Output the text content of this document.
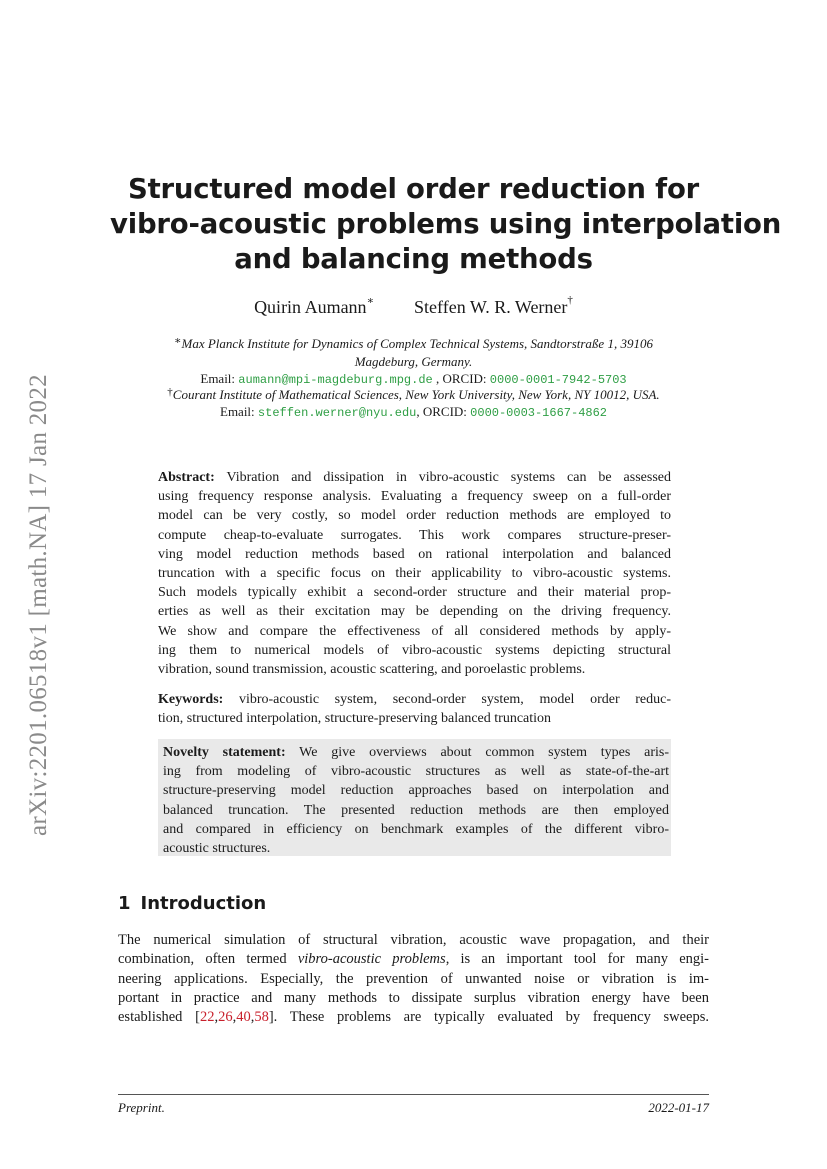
arXiv:2201.06518v1 [math.NA] 17 Jan 2022
Structured model order reduction for
vibro-acoustic problems using interpolation
and balancing methods
Quirin Aumann∗ Steffen W. R. Werner†
∗Max Planck Institute for Dynamics of Complex Technical Systems, Sandtorstraße 1, 39106
Magdeburg, Germany.
Email: aumann@mpi-magdeburg.mpg.de , ORCID: 0000-0001-7942-5703
†Courant Institute of Mathematical Sciences, New York University, New York, NY 10012, USA.
Email: steffen.werner@nyu.edu, ORCID: 0000-0003-1667-4862
Abstract: Vibration and dissipation in vibro-acoustic systems can be assessed
using frequency response analysis. Evaluating a frequency sweep on a full-order
model can be very costly, so model order reduction methods are employed to
compute cheap-to-evaluate surrogates. This work compares structure-preser-
ving model reduction methods based on rational interpolation and balanced
truncation with a specific focus on their applicability to vibro-acoustic systems.
Such models typically exhibit a second-order structure and their material prop-
erties as well as their excitation may be depending on the driving frequency.
We show and compare the effectiveness of all considered methods by apply-
ing them to numerical models of vibro-acoustic systems depicting structural
vibration, sound transmission, acoustic scattering, and poroelastic problems.
Keywords: vibro-acoustic system, second-order system, model order reduc-
tion, structured interpolation, structure-preserving balanced truncation
Novelty statement: We give overviews about common system types aris-
ing from modeling of vibro-acoustic structures as well as state-of-the-art
structure-preserving model reduction approaches based on interpolation and
balanced truncation. The presented reduction methods are then employed
and compared in efficiency on benchmark examples of the different vibro-
acoustic structures.
1 Introduction
The numerical simulation of structural vibration, acoustic wave propagation, and their
combination, often termed vibro-acoustic problems, is an important tool for many engi-
neering applications. Especially, the prevention of unwanted noise or vibration is im-
portant in practice and many methods to dissipate surplus vibration energy have been
established [22,26,40,58]. These problems are typically evaluated by frequency sweeps.
Preprint.	2022-01-17
